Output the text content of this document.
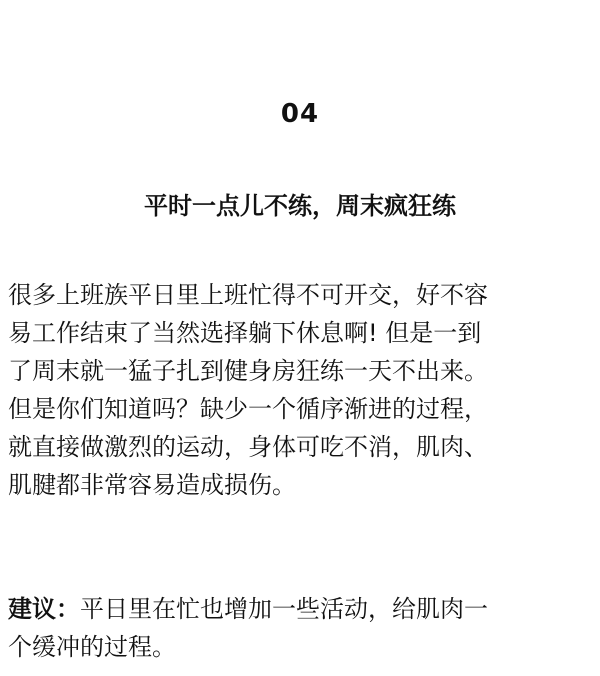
04
平时一点儿不练，周末疯狂练
很多上班族平日里上班忙得不可开交，好不容
易工作结束了当然选择躺下休息啊! 但是一到
了周末就一猛子扎到健身房狂练一天不出来。
但是你们知道吗？缺少一个循序渐进的过程，
就直接做激烈的运动，身体可吃不消，肌肉、
肌腱都非常容易造成损伤。
建议：平日里在忙也增加一些活动，给肌肉一
个缓冲的过程。
